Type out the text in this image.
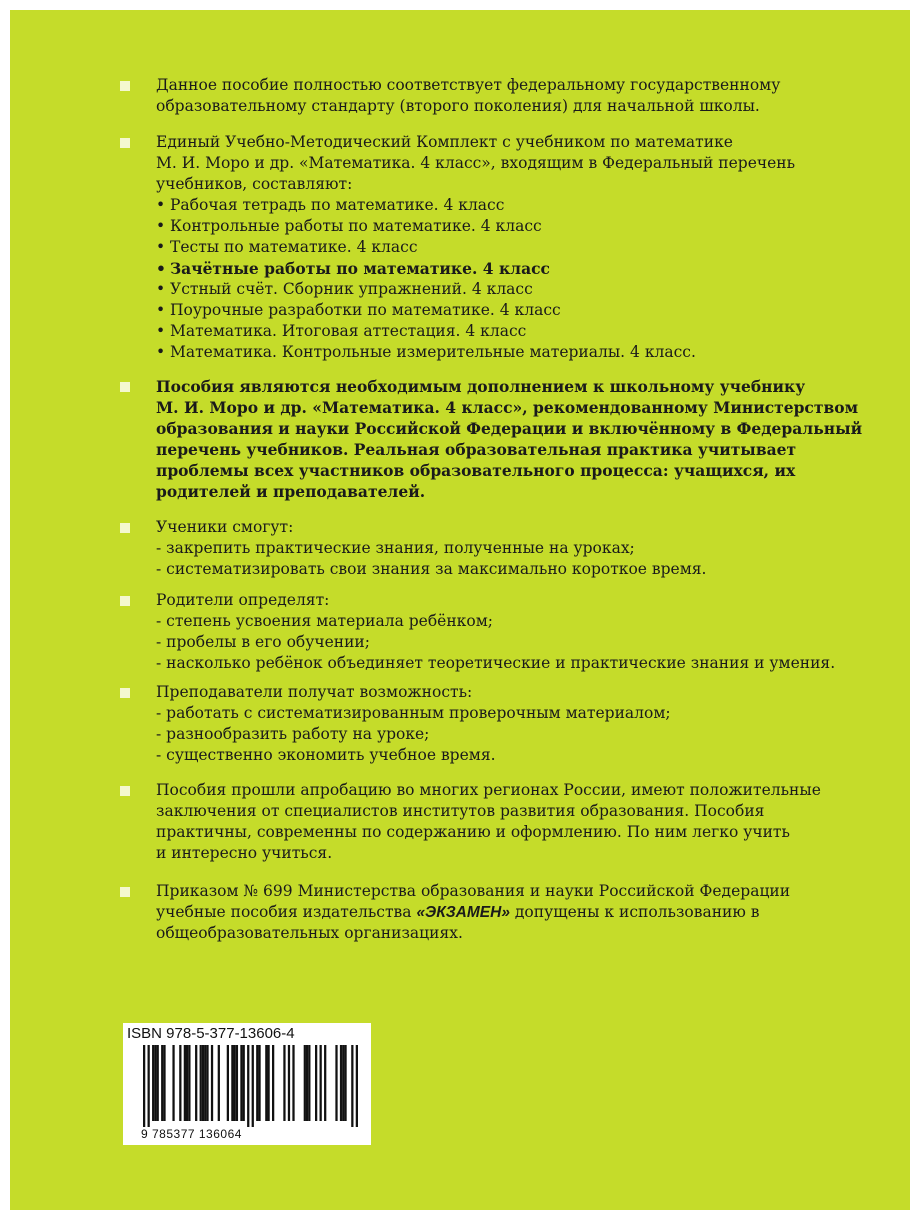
Данное пособие полностью соответствует федеральному государственному
образовательному стандарту (второго поколения) для начальной школы.
Единый Учебно-Методический Комплект с учебником по математике
М. И. Моро и др. «Математика. 4 класс», входящим в Федеральный перечень
учебников, составляют:
• Рабочая тетрадь по математике. 4 класс
• Контрольные работы по математике. 4 класс
• Тесты по математике. 4 класс
• Зачётные работы по математике. 4 класс
• Устный счёт. Сборник упражнений. 4 класс
• Поурочные разработки по математике. 4 класс
• Математика. Итоговая аттестация. 4 класс
• Математика. Контрольные измерительные материалы. 4 класс.
Пособия являются необходимым дополнением к школьному учебнику
М. И. Моро и др. «Математика. 4 класс», рекомендованному Министерством
образования и науки Российской Федерации и включённому в Федеральный
перечень учебников. Реальная образовательная практика учитывает
проблемы всех участников образовательного процесса: учащихся, их
родителей и преподавателей.
Ученики смогут:
- закрепить практические знания, полученные на уроках;
- систематизировать свои знания за максимально короткое время.
Родители определят:
- степень усвоения материала ребёнком;
- пробелы в его обучении;
- насколько ребёнок объединяет теоретические и практические знания и умения.
Преподаватели получат возможность:
- работать с систематизированным проверочным материалом;
- разнообразить работу на уроке;
- существенно экономить учебное время.
Пособия прошли апробацию во многих регионах России, имеют положительные
заключения от специалистов институтов развития образования. Пособия
практичны, современны по содержанию и оформлению. По ним легко учить
и интересно учиться.
Приказом № 699 Министерства образования и науки Российской Федерации
учебные пособия издательства «ЭКЗАМЕН» допущены к использованию в
общеобразовательных организациях.
ISBN 978-5-377-13606-4
9 785377 136064
